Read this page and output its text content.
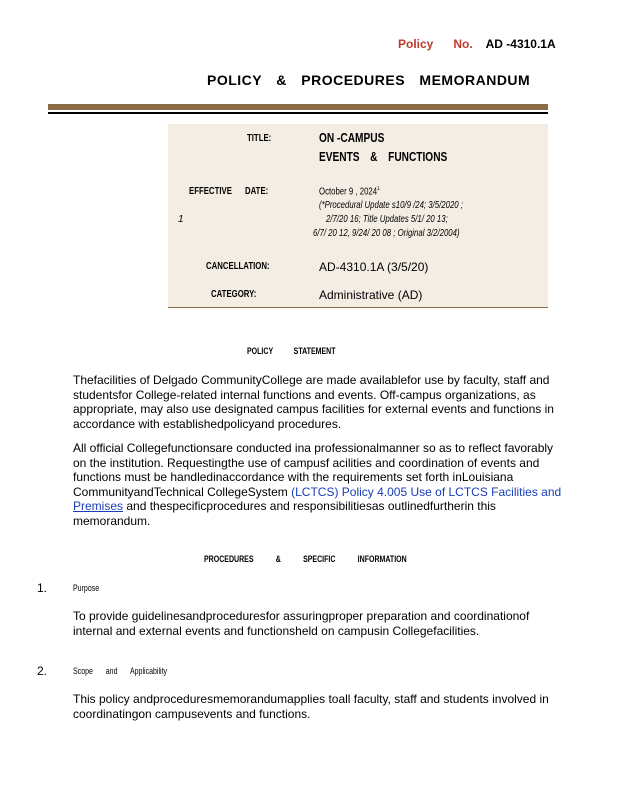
Policy No. AD -4310.1A
POLICY & PROCEDURES MEMORANDUM
TITLE:	ON -CAMPUS
EVENTS & FUNCTIONS
EFFECTIVE DATE:	October 9 , 2024$^1$
(*Procedural Update s10/9 /24; 3/5/2020 ;
2/7/20 16; Title Updates 5/1/ 20 13;
6/7/ 20 12, 9/24/ 20 08 ; Original 3/2/2004)
1
CANCELLATION:	AD-4310.1A (3/5/20)
CATEGORY:	Administrative (AD)
POLICY STATEMENT
Thefacilities of Delgado CommunityCollege are made availablefor use by faculty, staff and
studentsfor College-related internal functions and events. Off-campus organizations, as
appropriate, may also use designated campus facilities for external events and functions in
accordance with establishedpolicyand procedures.
All official Collegefunctionsare conducted ina professionalmanner so as to reflect favorably
on the institution. Requestingthe use of campusf acilities and coordination of events and
functions must be handledinaccordance with the requirements set forth inLouisiana
CommunityandTechnical CollegeSystem (LCTCS) Policy 4.005 Use of LCTCS Facilities and
Premises and thespecificprocedures and responsibilitiesas outlinedfurtherin this
memorandum.
PROCEDURES & SPECIFIC INFORMATION
1.	Purpose
To provide guidelinesandproceduresfor assuringproper preparation and coordinationof
internal and external events and functionsheld on campusin Collegefacilities.
2.	Scope and Applicability
This policy andproceduresmemorandumapplies toall faculty, staff and students involved in
coordinatingon campusevents and functions.
